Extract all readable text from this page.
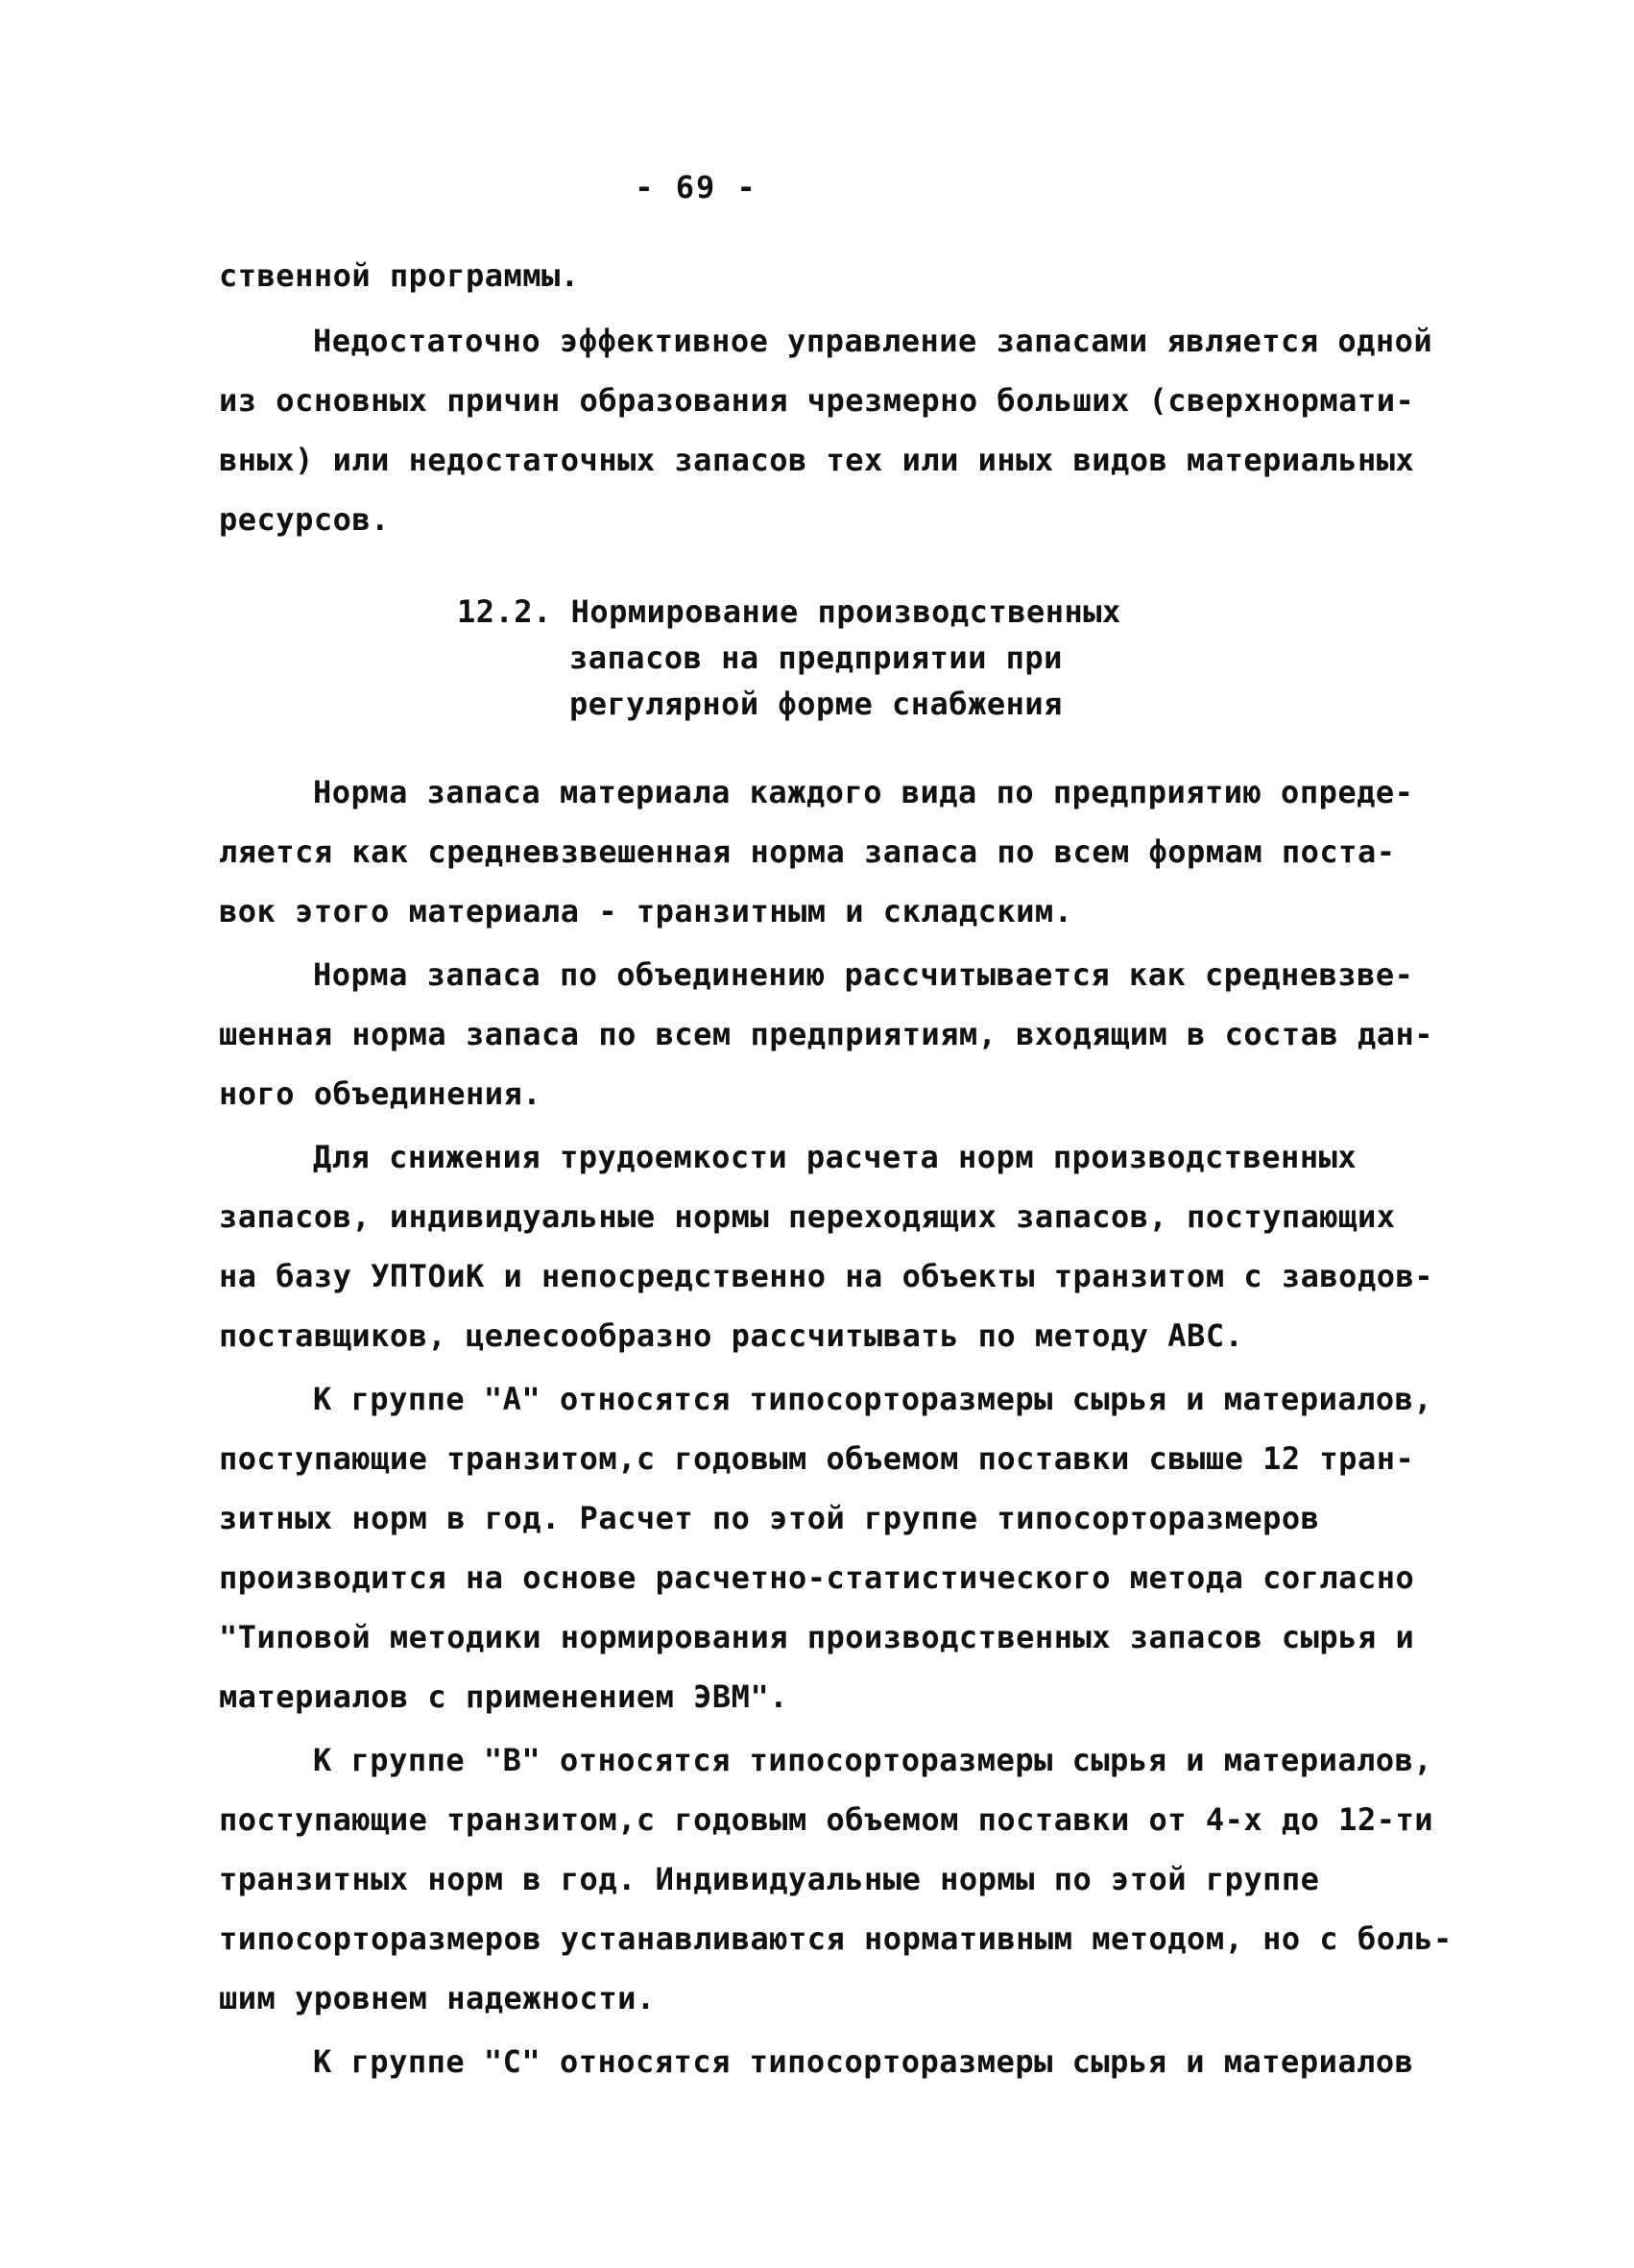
- 69 -
ственной программы.
Недостаточно эффективное управление запасами является одной
из основных причин образования чрезмерно больших (сверхнормати-
вных) или недостаточных запасов тех или иных видов материальных
ресурсов.
12.2. Нормирование производственных
запасов на предприятии при
регулярной форме снабжения
Норма запаса материала каждого вида по предприятию опреде-
ляется как средневзвешенная норма запаса по всем формам поста-
вок этого материала - транзитным и складским.
Норма запаса по объединению рассчитывается как средневзве-
шенная норма запаса по всем предприятиям, входящим в состав дан-
ного объединения.
Для снижения трудоемкости расчета норм производственных
запасов, индивидуальные нормы переходящих запасов, поступающих
на базу УПТОиК и непосредственно на объекты транзитом с заводов-
поставщиков, целесообразно рассчитывать по методу ABC.
К группе "А" относятся типосорторазмеры сырья и материалов,
поступающие транзитом,с годовым объемом поставки свыше 12 тран-
зитных норм в год. Расчет по этой группе типосорторазмеров
производится на основе расчетно-статистического метода согласно
"Типовой методики нормирования производственных запасов сырья и
материалов с применением ЭВМ".
К группе "В" относятся типосорторазмеры сырья и материалов,
поступающие транзитом,с годовым объемом поставки от 4-х до 12-ти
транзитных норм в год. Индивидуальные нормы по этой группе
типосорторазмеров устанавливаются нормативным методом, но с боль-
шим уровнем надежности.
К группе "С" относятся типосорторазмеры сырья и материалов
